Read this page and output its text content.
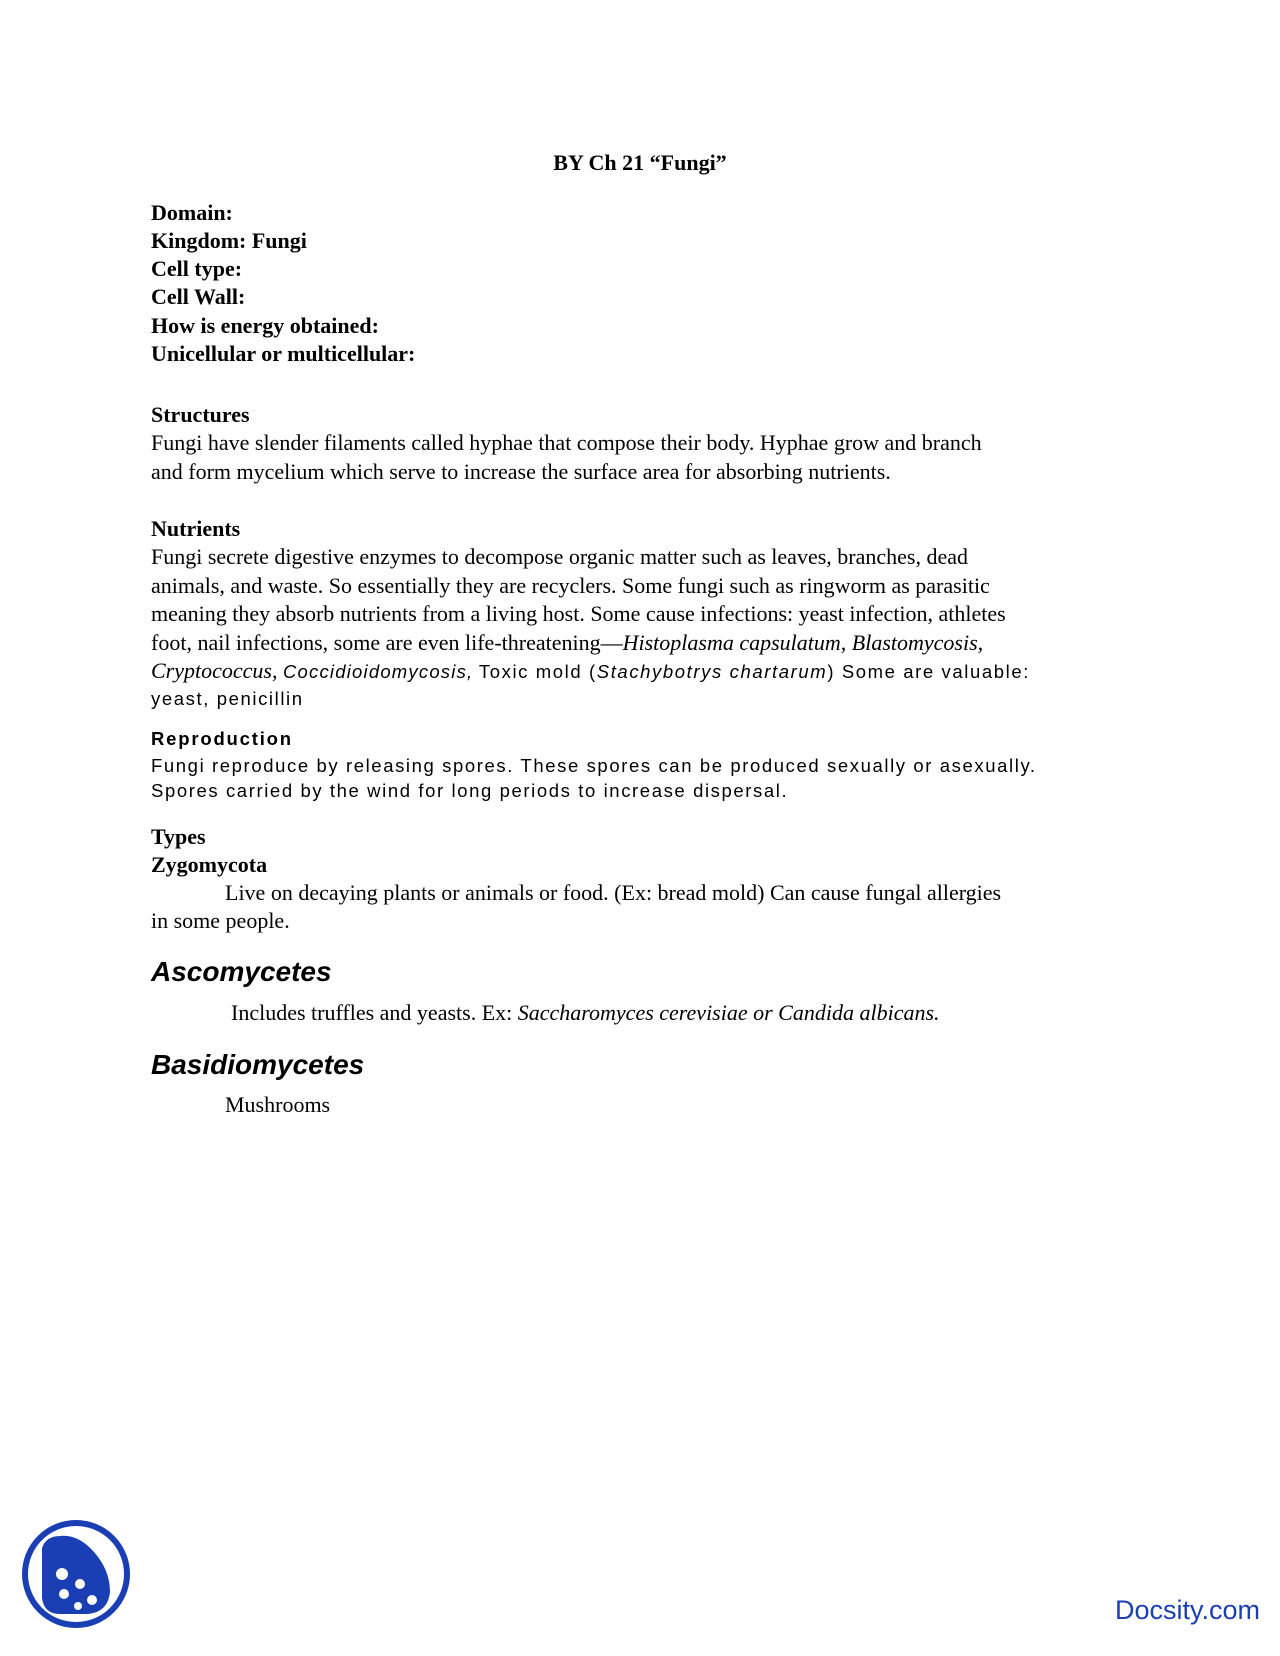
BY Ch 21 “Fungi”
Domain:
Kingdom: Fungi
Cell type:
Cell Wall:
How is energy obtained:
Unicellular or multicellular:
Structures
Fungi have slender filaments called hyphae that compose their body. Hyphae grow and branch
and form mycelium which serve to increase the surface area for absorbing nutrients.
Nutrients
Fungi secrete digestive enzymes to decompose organic matter such as leaves, branches, dead
animals, and waste. So essentially they are recyclers. Some fungi such as ringworm as parasitic
meaning they absorb nutrients from a living host. Some cause infections: yeast infection, athletes
foot, nail infections, some are even life-threatening—Histoplasma capsulatum, Blastomycosis,
Cryptococcus, Coccidioidomycosis, Toxic mold (Stachybotrys chartarum) Some are valuable:
yeast, penicillin
Reproduction
Fungi reproduce by releasing spores. These spores can be produced sexually or asexually.
Spores carried by the wind for long periods to increase dispersal.
Types
Zygomycota
Live on decaying plants or animals or food. (Ex: bread mold) Can cause fungal allergies
in some people.
Ascomycetes
Includes truffles and yeasts. Ex: Saccharomyces cerevisiae or Candida albicans.
Basidiomycetes
Mushrooms
Docsity.com
